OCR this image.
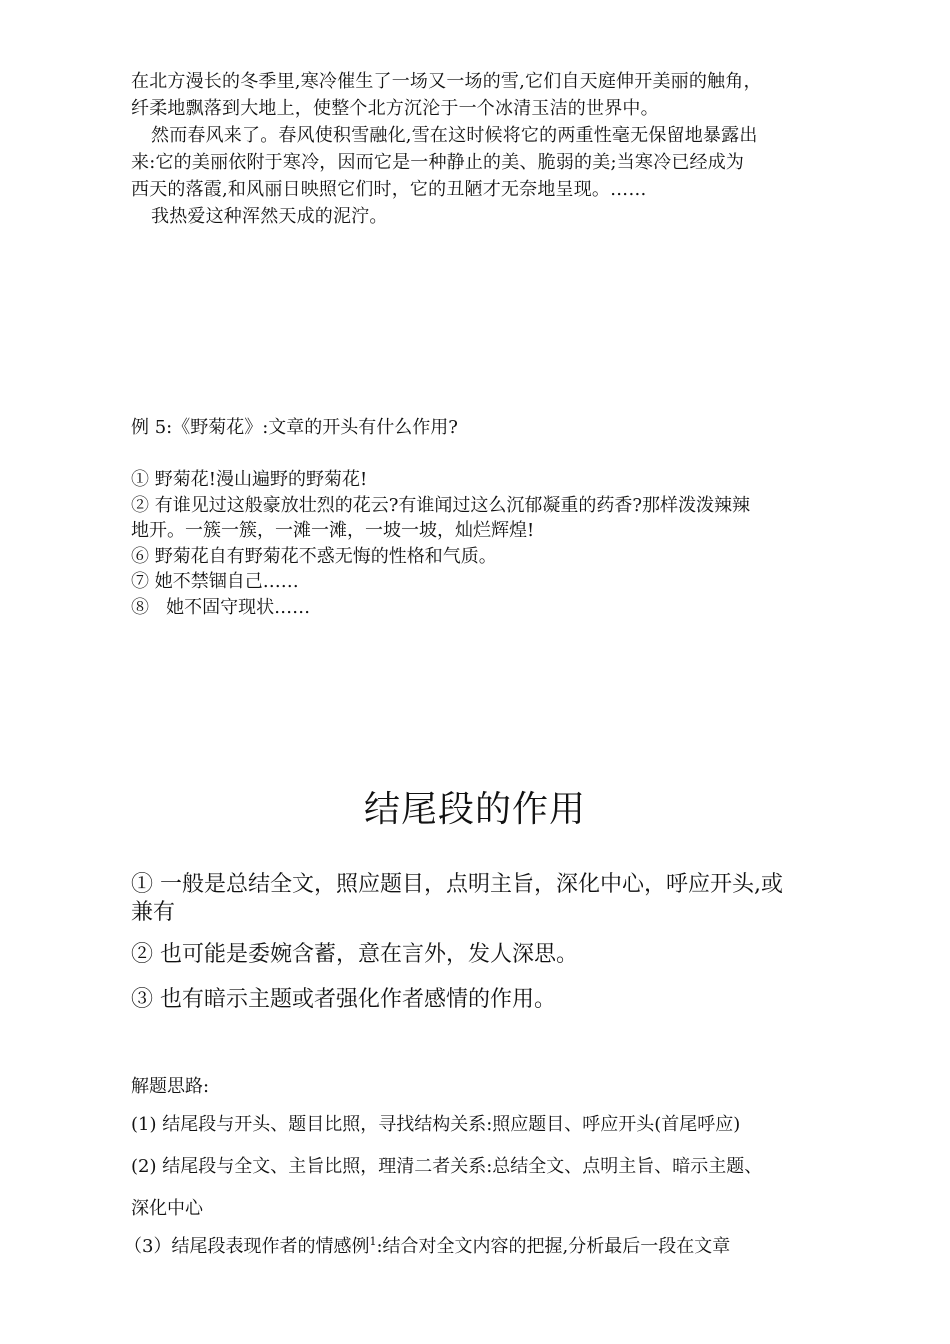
在北方漫长的冬季里,寒冷催生了一场又一场的雪,它们自天庭伸开美丽的触角，
纤柔地飘落到大地上，使整个北方沉沦于一个冰清玉洁的世界中。
然而春风来了。春风使积雪融化,雪在这时候将它的两重性毫无保留地暴露出
来:它的美丽依附于寒冷，因而它是一种静止的美、脆弱的美;当寒冷已经成为
西天的落霞,和风丽日映照它们时，它的丑陋才无奈地呈现。……
我热爱这种浑然天成的泥泞。

例 5:《野菊花》:文章的开头有什么作用?

① 野菊花!漫山遍野的野菊花!
② 有谁见过这般豪放壮烈的花云?有谁闻过这么沉郁凝重的药香?那样泼泼辣辣
地开。一簇一簇，一滩一滩，一坡一坡，灿烂辉煌!
⑥ 野菊花自有野菊花不惑无悔的性格和气质。
⑦ 她不禁锢自己……
⑧   她不固守现状……
结尾段的作用
① 一般是总结全文，照应题目，点明主旨，深化中心，呼应开头,或
兼有

② 也可能是委婉含蓄，意在言外，发人深思。

③ 也有暗示主题或者强化作者感情的作用。

解题思路:

(1) 结尾段与开头、题目比照，寻找结构关系:照应题目、呼应开头(首尾呼应)

(2) 结尾段与全文、主旨比照，理清二者关系:总结全文、点明主旨、暗示主题、

深化中心

（3）结尾段表现作者的情感例$^1$:结合对全文内容的把握,分析最后一段在文章
